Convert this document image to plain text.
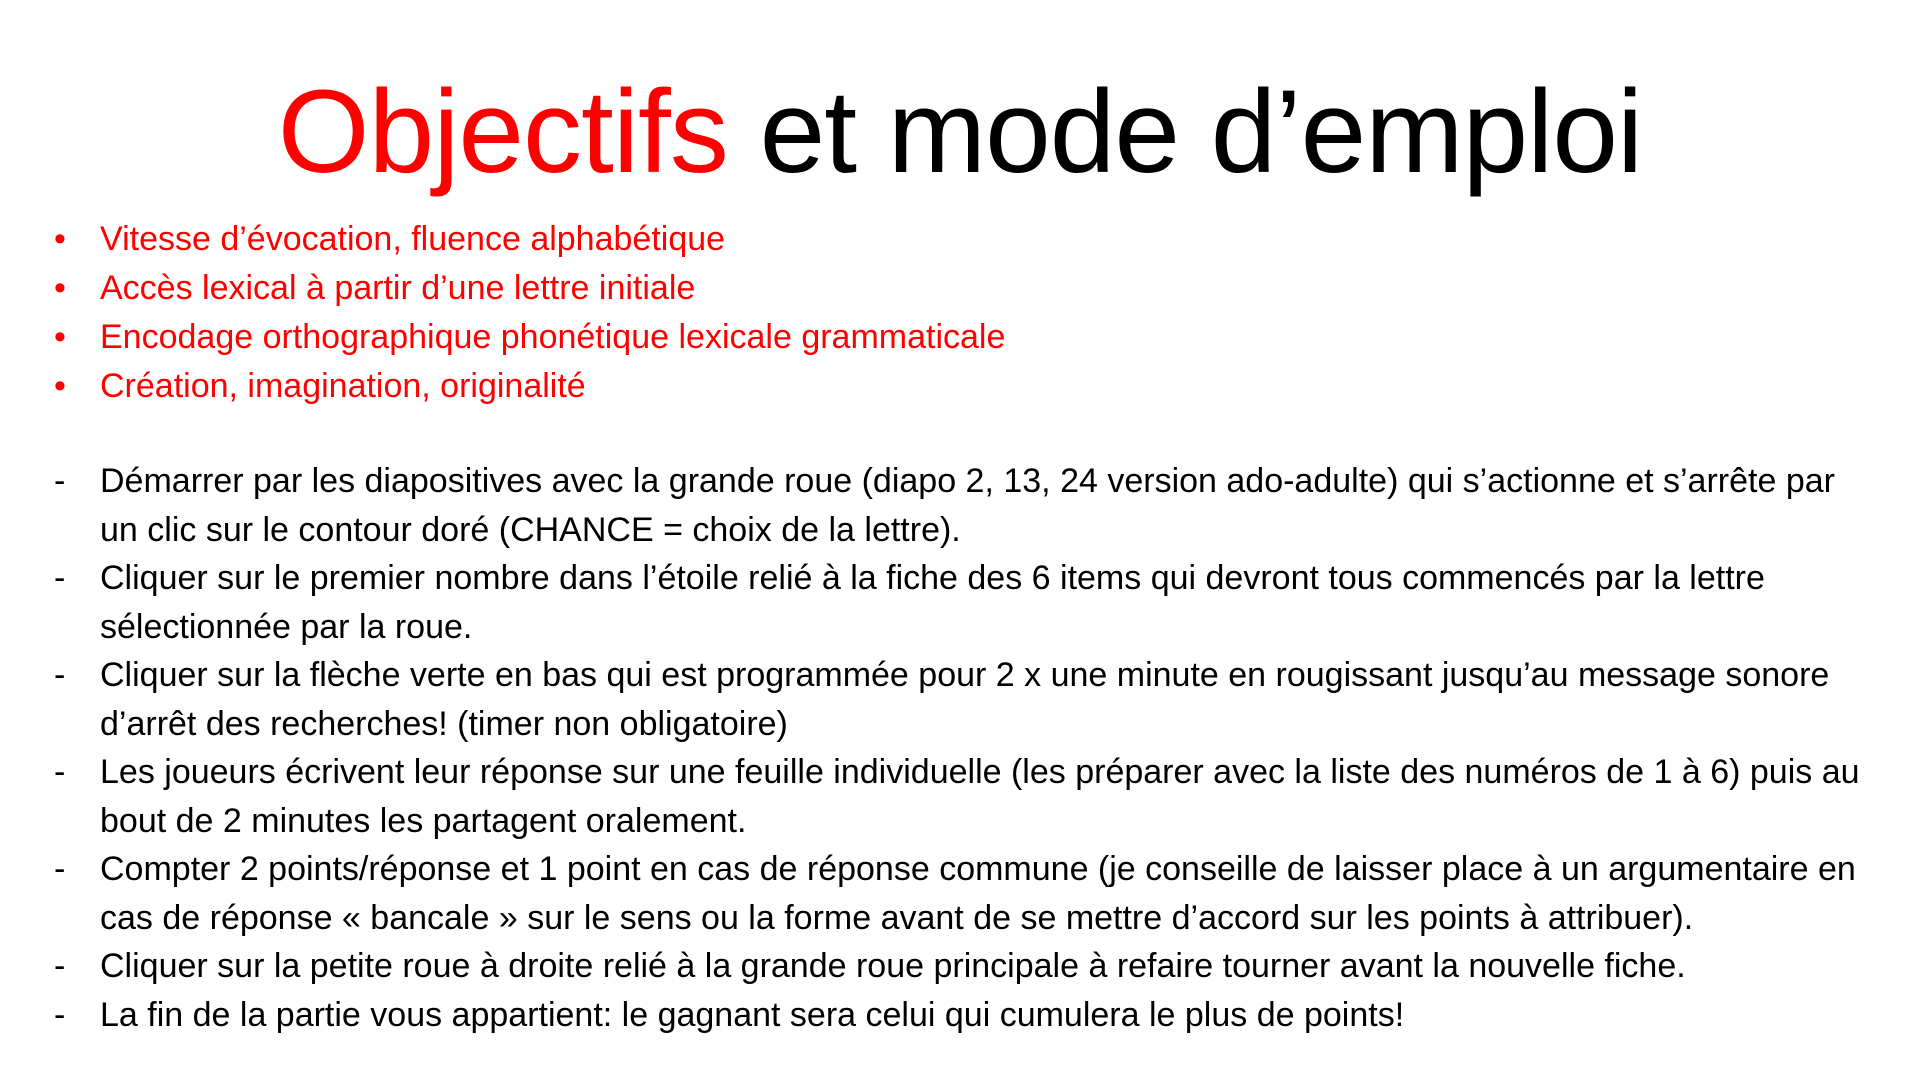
Objectifs et mode d’emploi
•	Vitesse d’évocation, fluence alphabétique
•	Accès lexical à partir d’une lettre initiale
•	Encodage orthographique phonétique lexicale grammaticale
•	Création, imagination, originalité
-	Démarrer par les diapositives avec la grande roue (diapo 2, 13, 24 version ado-adulte) qui s’actionne et s’arrête par un clic sur le contour doré (CHANCE = choix de la lettre).
-	Cliquer sur le premier nombre dans l’étoile relié à la fiche des 6 items qui devront tous commencés par la lettre sélectionnée par la roue.
-	Cliquer sur la flèche verte en bas qui est programmée pour 2 x une minute en rougissant jusqu’au message sonore d’arrêt des recherches! (timer non obligatoire)
-	Les joueurs écrivent leur réponse sur une feuille individuelle (les préparer avec la liste des numéros de 1 à 6) puis au bout de 2 minutes les partagent oralement.
-	Compter 2 points/réponse et 1 point en cas de réponse commune (je conseille de laisser place à un argumentaire en cas de réponse « bancale » sur le sens ou la forme avant de se mettre d’accord sur les points à attribuer).
-	Cliquer sur la petite roue à droite relié à la grande roue principale à refaire tourner avant la nouvelle fiche.
-	La fin de la partie vous appartient: le gagnant sera celui qui cumulera le plus de points!
